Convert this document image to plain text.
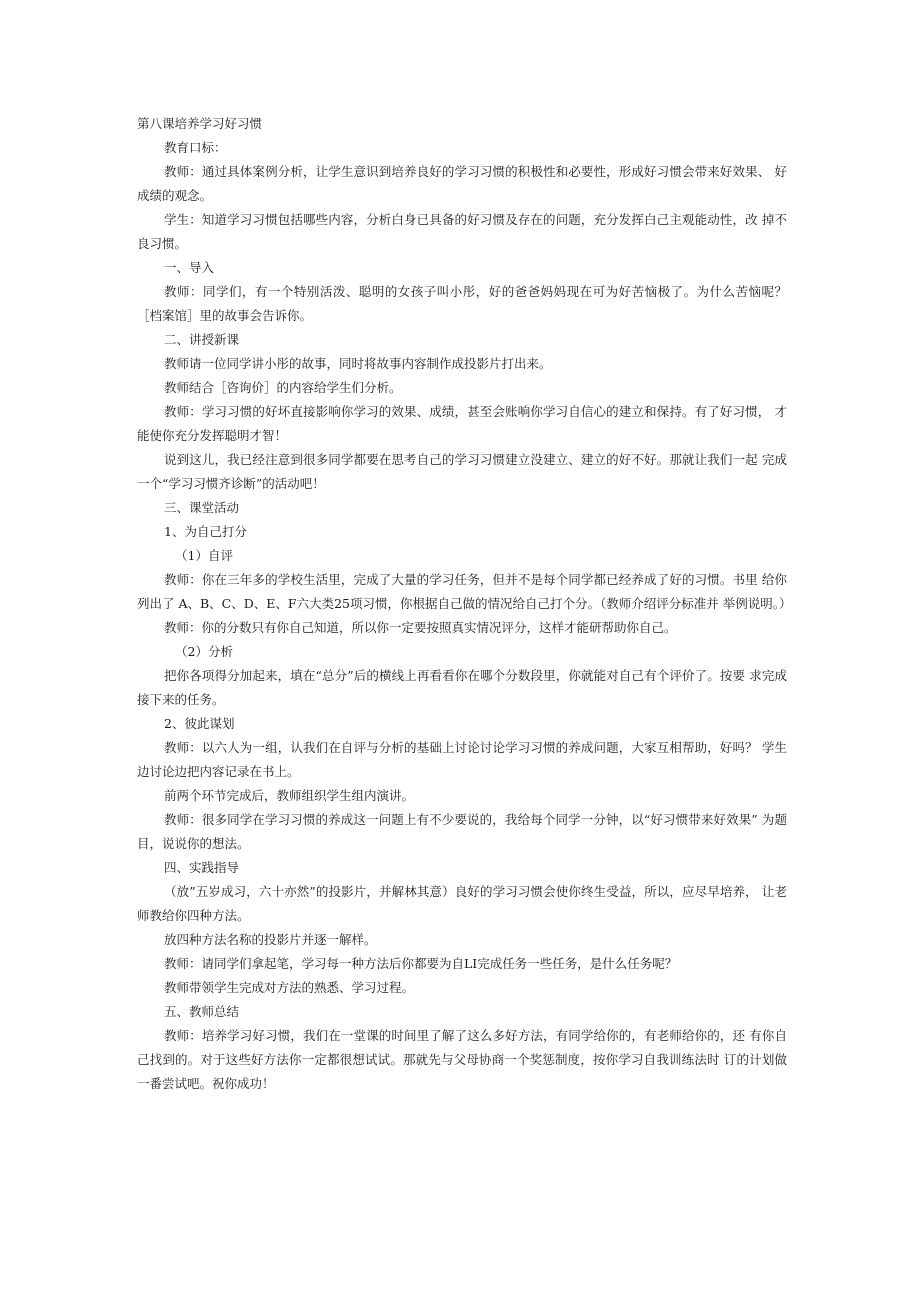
第八课培养学习好习惯

教育口标：

教师：通过具体案例分析，让学生意识到培养良好的学习习惯的积极性和必要性，形成好习惯会带来好效果、 好成绩的观念。

学生：知道学习习惯包括哪些内容，分析白身已具备的好习惯及存在的问题，充分发挥白己主观能动性，改 掉不良习惯。

一、导入

教师：同学们，有一个特别活泼、聪明的女孩子叫小彤，好的爸爸妈妈现在可为好苦恼极了。为什么苦恼呢？ ［档案馆］里的故事会告诉你。

二、讲授新课

教师请一位同学讲小彤的故事，同时将故事内容制作成投影片打出来。

教师结合［咨询价］的内容给学生们分析。

教师：学习习惯的好坏直接影响你学习的效果、成绩，甚至会账响你学习自信心的建立和保持。有了好习惯， 才能使你充分发挥聪明才智！

说到这儿，我已经注意到很多同学都要在思考自己的学习习惯建立没建立、建立的好不好。那就让我们一起 完成一个“学习习惯齐诊断”的活动吧！

三、课堂活动

1、为自己打分

（1）自评

教师：你在三年多的学校生活里，完成了大量的学习任务，但并不是每个同学都已经养成了好的习惯。书里 给你列出了 A、B、C、D、E、F六大类25项习惯，你根据自己做的情况给自己打个分。（教师介绍评分标准并 举例说明。）

教师：你的分数只有你自己知道，所以你一定要按照真实情况评分，这样才能研帮助你自己。

（2）分析

把你各项得分加起来，填在“总分”后的横线上再看看你在哪个分数段里，你就能对自己有个评价了。按要 求完成接下来的任务。

2、彼此谋划

教师：以六人为一组，认我们在自评与分析的基础上讨论讨论学习习惯的养成问题，大家互相帮助，好吗？ 学生边讨论边把内容记录在书上。

前两个环节完成后，教师组织学生组内演讲。

教师：很多同学在学习习惯的养成这一问题上有不少要说的，我给每个同学一分钟，以“好习惯带来好效果” 为题目，说说你的想法。

四、实践指导

（放”五岁成习，六十亦然”的投影片，并解林其意）良好的学习习惯会使你终生受益，所以，应尽早培养， 让老师教给你四种方法。

放四种方法名称的投影片并逐一解样。

教师：请同学们拿起笔，学习每一种方法后你都要为自LI完成任务一些任务，是什么任务呢？

教师带领学生完成对方法的熟悉、学习过程。

五、教师总结

教师：培养学习好习惯，我们在一堂课的时间里了解了这么多好方法，有同学给你的，有老师给你的，还 有你自己找到的。对于这些好方法你一定都很想试试。那就先与父母协商一个奖惩制度，按你学习自我训练法时 订的计划做一番尝试吧。祝你成功！
